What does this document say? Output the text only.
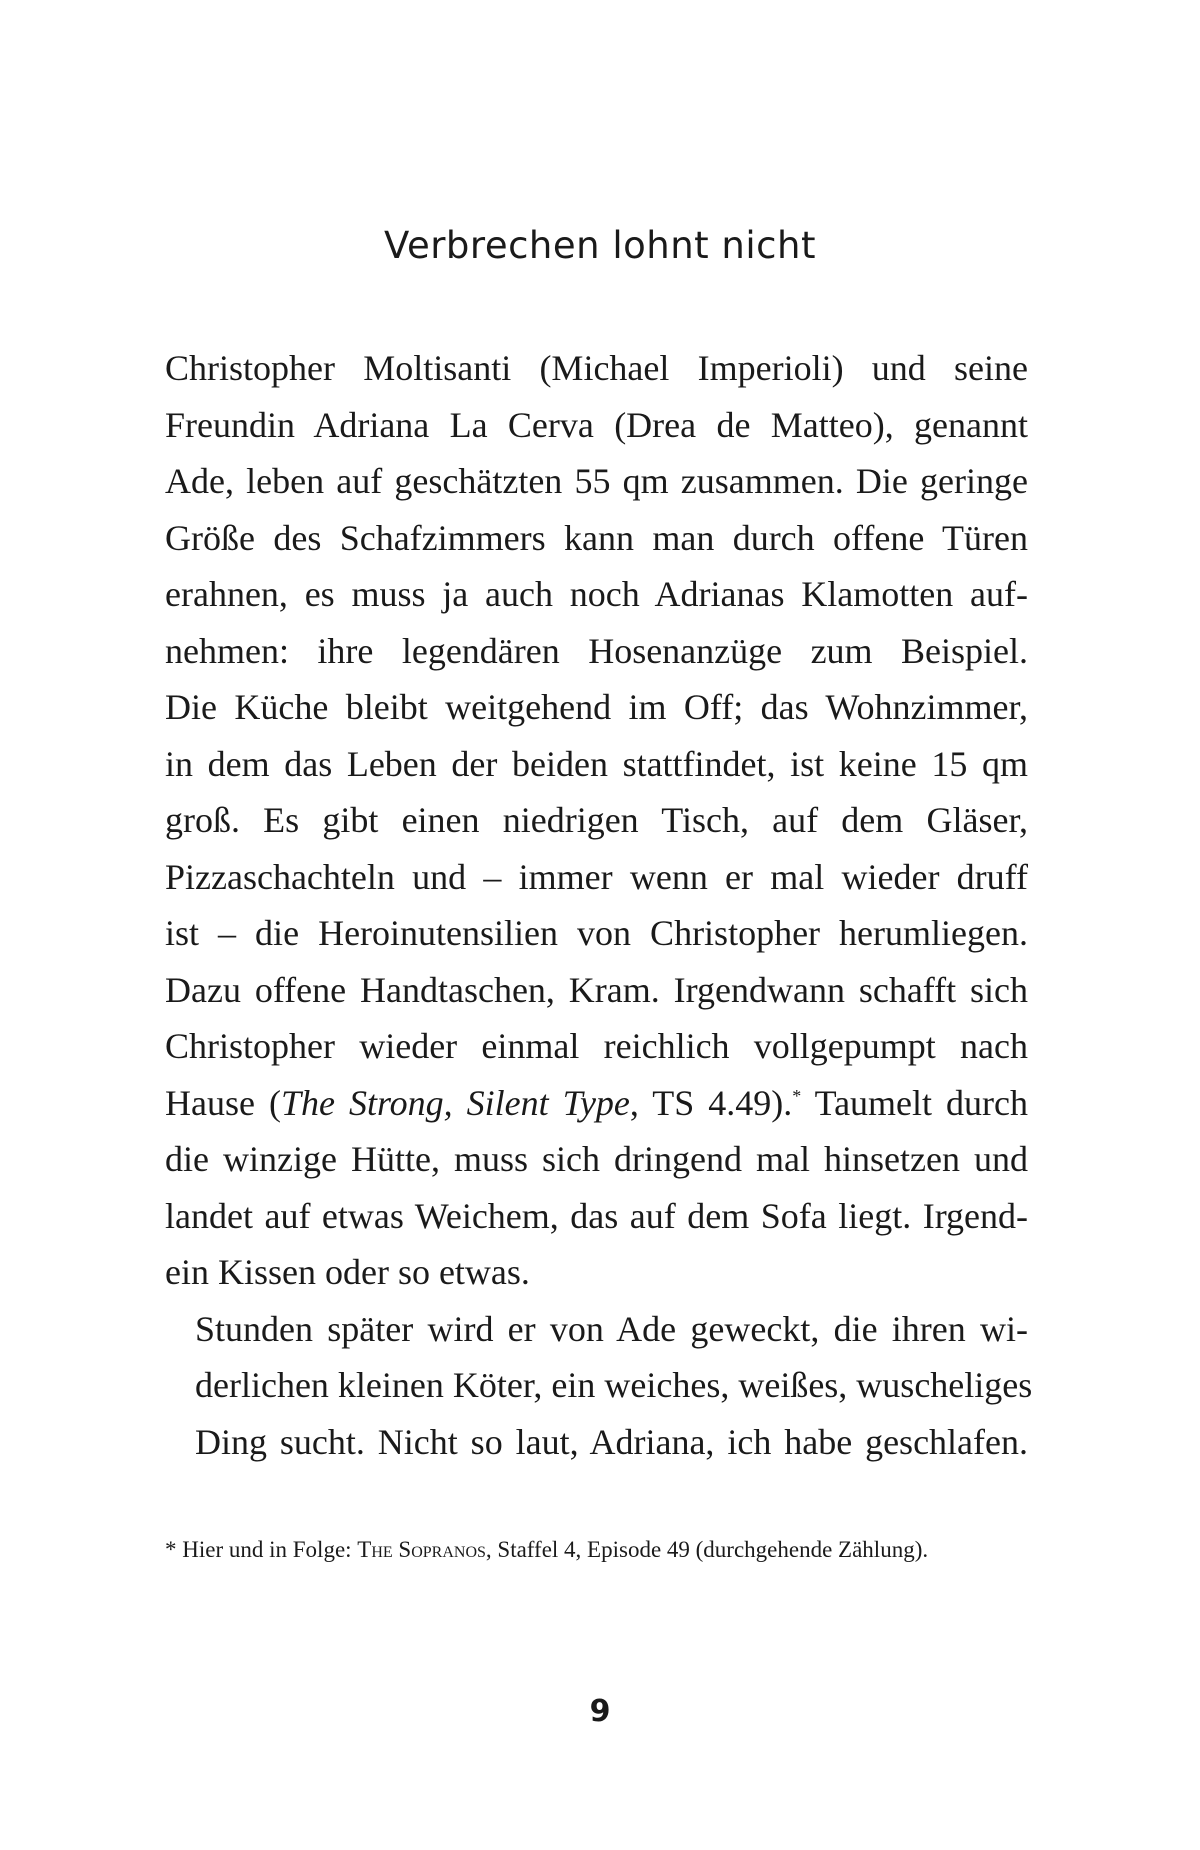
Verbrechen lohnt nicht
Christopher Moltisanti (Michael Imperioli) und seine
Freundin Adriana La Cerva (Drea de Matteo), genannt
Ade, leben auf geschätzten 55 qm zusammen. Die geringe
Größe des Schafzimmers kann man durch offene Türen
erahnen, es muss ja auch noch Adrianas Klamotten auf-
nehmen: ihre legendären Hosenanzüge zum Beispiel.
Die Küche bleibt weitgehend im Off; das Wohnzimmer,
in dem das Leben der beiden stattfindet, ist keine 15 qm
groß. Es gibt einen niedrigen Tisch, auf dem Gläser,
Pizzaschachteln und – immer wenn er mal wieder druff
ist – die Heroinutensilien von Christopher herumliegen.
Dazu offene Handtaschen, Kram. Irgendwann schafft sich
Christopher wieder einmal reichlich vollgepumpt nach
Hause (The Strong, Silent Type, TS 4.49).* Taumelt durch
die winzige Hütte, muss sich dringend mal hinsetzen und
landet auf etwas Weichem, das auf dem Sofa liegt. Irgend-
ein Kissen oder so etwas.
Stunden später wird er von Ade geweckt, die ihren wi-
derlichen kleinen Köter, ein weiches, weißes, wuscheliges
Ding sucht. Nicht so laut, Adriana, ich habe geschlafen.
* Hier und in Folge: The Sopranos, Staffel 4, Episode 49 (durchgehende Zählung).
9
